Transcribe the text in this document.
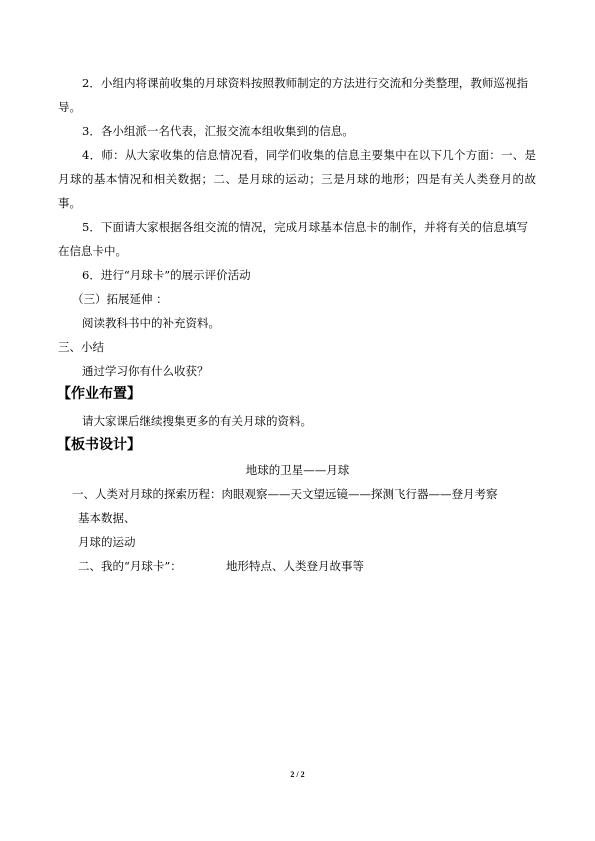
2．小组内将课前收集的月球资料按照教师制定的方法进行交流和分类整理，教师巡视指
导。
3．各小组派一名代表，汇报交流本组收集到的信息。
4．师：从大家收集的信息情况看，同学们收集的信息主要集中在以下几个方面：一、是
月球的基本情况和相关数据；二、是月球的运动；三是月球的地形；四是有关人类登月的故
事。
5．下面请大家根据各组交流的情况，完成月球基本信息卡的制作，并将有关的信息填写
在信息卡中。
6．进行“月球卡”的展示评价活动
（三）拓展延伸 ：
阅读教科书中的补充资料。
三、小结
通过学习你有什么收获？
【作业布置】
请大家课后继续搜集更多的有关月球的资料。
【板书设计】
地球的卫星——月球
一、人类对月球的探索历程：肉眼观察——天文望远镜——探测飞行器——登月考察
基本数据、
月球的运动
二、我的“月球卡”：	地形特点、人类登月故事等
2 / 2
